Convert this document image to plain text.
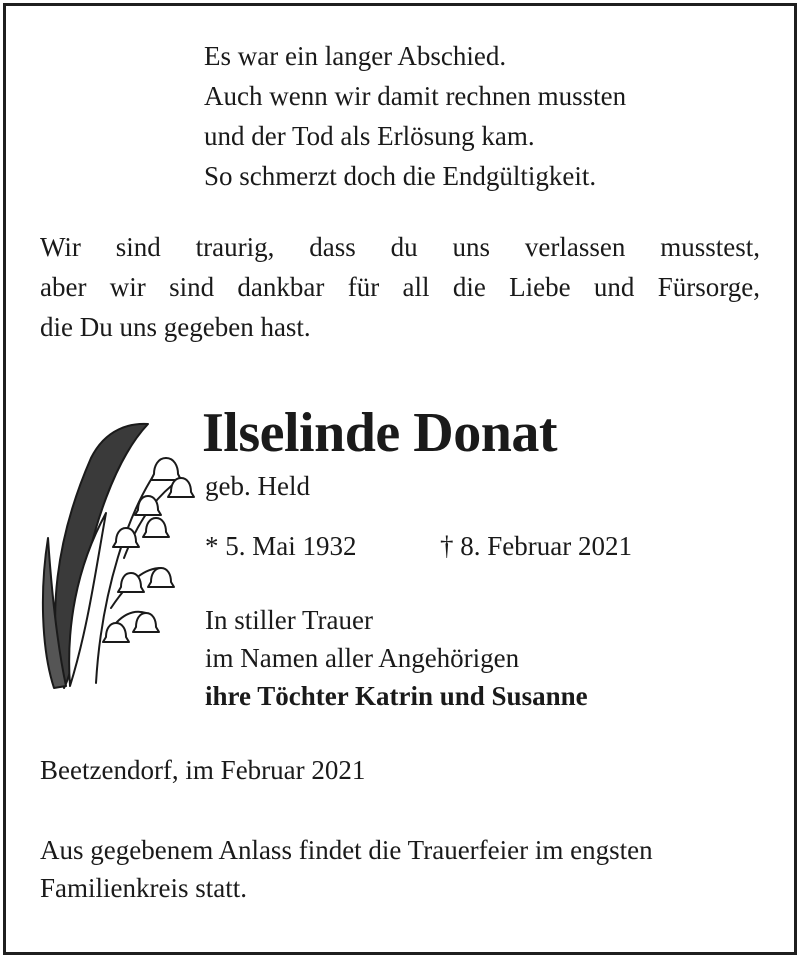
Es war ein langer Abschied.
Auch wenn wir damit rechnen mussten
und der Tod als Erlösung kam.
So schmerzt doch die Endgültigkeit.
Wir sind traurig, dass du uns verlassen musstest,
aber wir sind dankbar für all die Liebe und Fürsorge,
die Du uns gegeben hast.
Ilselinde Donat
geb. Held
* 5. Mai 1932	† 8. Februar 2021
In stiller Trauer
im Namen aller Angehörigen
ihre Töchter Katrin und Susanne
Beetzendorf, im Februar 2021
Aus gegebenem Anlass findet die Trauerfeier im engsten
Familienkreis statt.
